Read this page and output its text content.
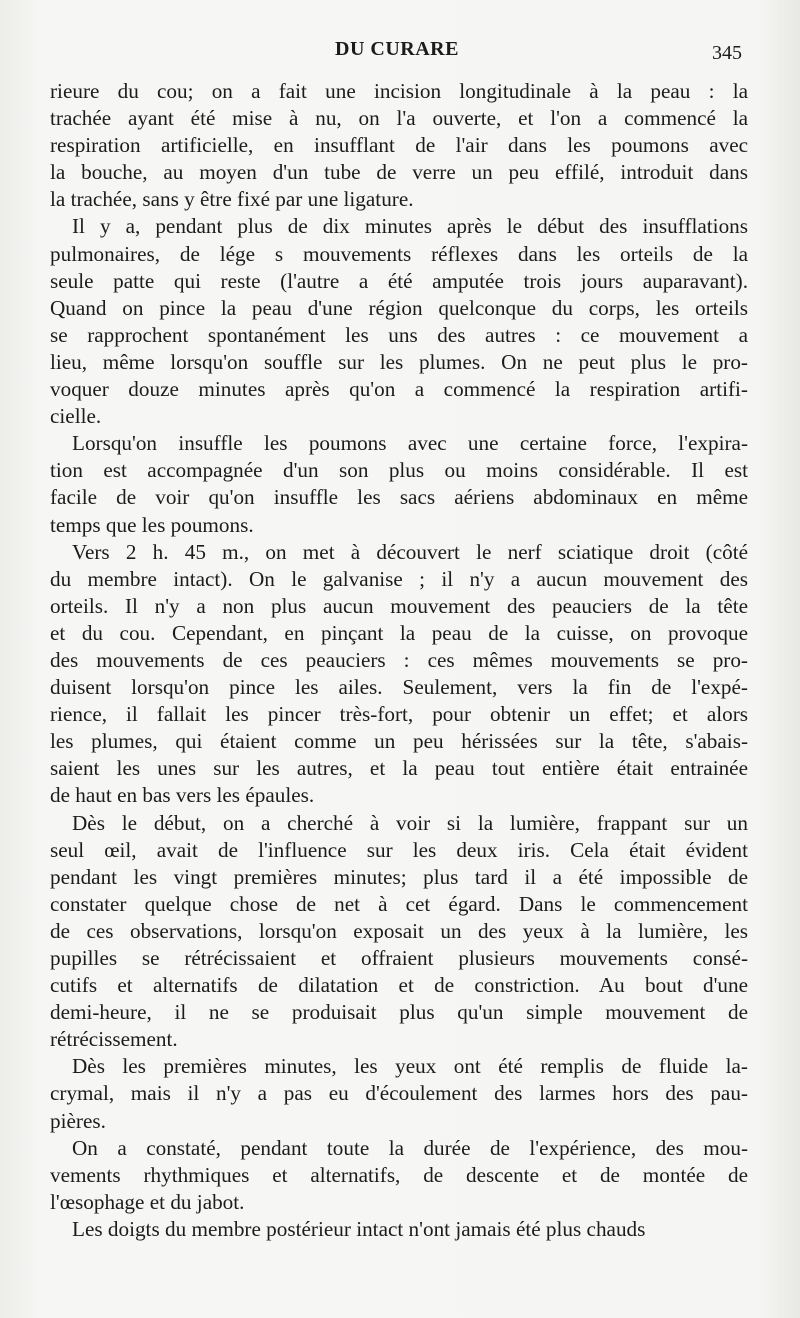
DU CURARE	345
rieure du cou; on a fait une incision longitudinale à la peau : la
trachée ayant été mise à nu, on l'a ouverte, et l'on a commencé la
respiration artificielle, en insufflant de l'air dans les poumons avec
la bouche, au moyen d'un tube de verre un peu effilé, introduit dans
la trachée, sans y être fixé par une ligature.
Il y a, pendant plus de dix minutes après le début des insufflations
pulmonaires, de lége s mouvements réflexes dans les orteils de la
seule patte qui reste (l'autre a été amputée trois jours auparavant).
Quand on pince la peau d'une région quelconque du corps, les orteils
se rapprochent spontanément les uns des autres : ce mouvement a
lieu, même lorsqu'on souffle sur les plumes. On ne peut plus le pro-
voquer douze minutes après qu'on a commencé la respiration artifi-
cielle.
Lorsqu'on insuffle les poumons avec une certaine force, l'expira-
tion est accompagnée d'un son plus ou moins considérable. Il est
facile de voir qu'on insuffle les sacs aériens abdominaux en même
temps que les poumons.
Vers 2 h. 45 m., on met à découvert le nerf sciatique droit (côté
du membre intact). On le galvanise ; il n'y a aucun mouvement des
orteils. Il n'y a non plus aucun mouvement des peauciers de la tête
et du cou. Cependant, en pinçant la peau de la cuisse, on provoque
des mouvements de ces peauciers : ces mêmes mouvements se pro-
duisent lorsqu'on pince les ailes. Seulement, vers la fin de l'expé-
rience, il fallait les pincer très-fort, pour obtenir un effet; et alors
les plumes, qui étaient comme un peu hérissées sur la tête, s'abais-
saient les unes sur les autres, et la peau tout entière était entrainée
de haut en bas vers les épaules.
Dès le début, on a cherché à voir si la lumière, frappant sur un
seul œil, avait de l'influence sur les deux iris. Cela était évident
pendant les vingt premières minutes; plus tard il a été impossible de
constater quelque chose de net à cet égard. Dans le commencement
de ces observations, lorsqu'on exposait un des yeux à la lumière, les
pupilles se rétrécissaient et offraient plusieurs mouvements consé-
cutifs et alternatifs de dilatation et de constriction. Au bout d'une
demi-heure, il ne se produisait plus qu'un simple mouvement de
rétrécissement.
Dès les premières minutes, les yeux ont été remplis de fluide la-
crymal, mais il n'y a pas eu d'écoulement des larmes hors des pau-
pières.
On a constaté, pendant toute la durée de l'expérience, des mou-
vements rhythmiques et alternatifs, de descente et de montée de
l'œsophage et du jabot.
Les doigts du membre postérieur intact n'ont jamais été plus chauds
